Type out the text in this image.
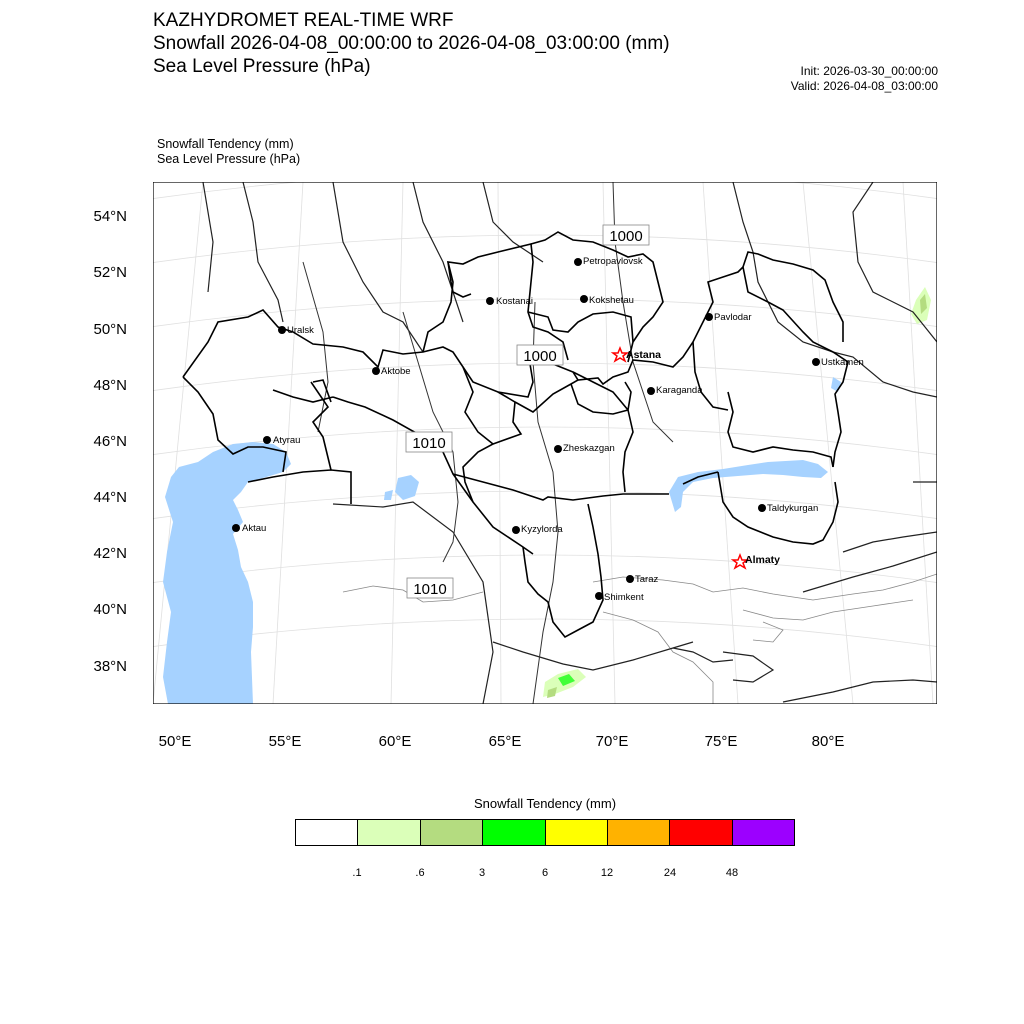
KAZHYDROMET REAL-TIME WRF
Snowfall 2026-04-08_00:00:00 to 2026-04-08_03:00:00 (mm)
Sea Level Pressure (hPa)	Init: 2026-03-30_00:00:00
Valid: 2026-04-08_03:00:00
Snowfall Tendency (mm)
Sea Level Pressure (hPa)
1000
1000
1010
1010
Petropavlovsk
Kostanai	Kokshetau
Pavlodar
Uralsk
Astana
Ustkamen
Aktobe
Karaganda
Atyrau
Zheskazgan
Taldykurgan
Aktau	Kyzylorda
Almaty
Taraz
Shimkent
54°N
52°N
50°N
48°N
46°N
44°N
42°N
40°N
38°N
50°E	55°E	60°E	65°E	70°E	75°E	80°E
Snowfall Tendency (mm)
.1	.6	3	6	12	24	48
